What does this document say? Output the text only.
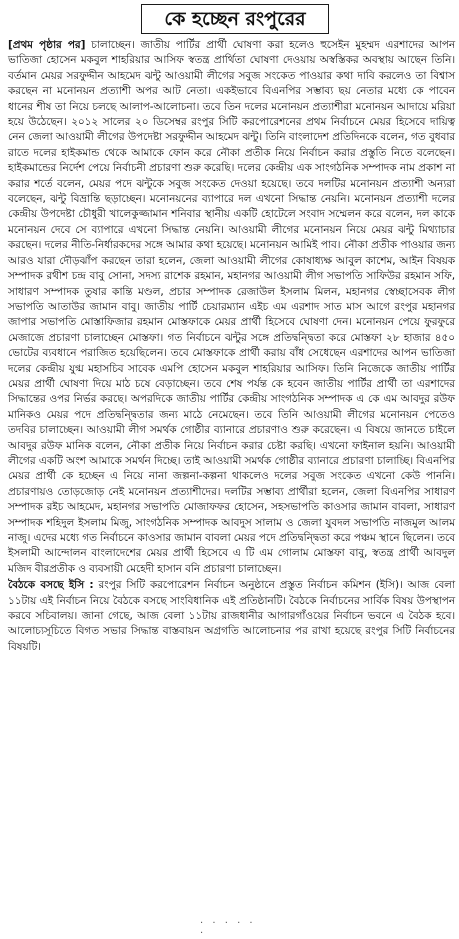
কে হচ্ছেন রংপুরের

[প্রথম পৃষ্ঠার পর] চালাচ্ছেন। জাতীয় পার্টির প্রার্থী ঘোষণা করা হলেও হুসেইন মুহম্মদ এরশাদের আপন ভাতিজা হোসেন মকবুল শাহরিয়ার আসিফ স্বতন্ত্র প্রার্থিতা ঘোষণা দেওয়ায় অস্বস্তিকর অবস্থায় আছেন তিনি। বর্তমান মেয়র সরফুদ্দীন আহমেদ ঝন্টু আওয়ামী লীগের সবুজ সংকেত পাওয়ার কথা দাবি করলেও তা বিশ্বাস করছেন না মনোনয়ন প্রত্যাশী অপর আট নেতা। একইভাবে বিএনপির সম্ভাব্য ছয় নেতার মধ্যে কে পাবেন ধানের শীষ তা নিয়ে চলছে আলাপ-আলোচনা। তবে তিন দলের মনোনয়ন প্রত্যাশীরা মনোনয়ন আদায়ে মরিয়া হয়ে উঠেছেন। ২০১২ সালের ২০ ডিসেম্বর রংপুর সিটি করপোরেশনের প্রথম নির্বাচনে মেয়র হিসেবে দায়িত্ব নেন জেলা আওয়ামী লীগের উপদেষ্টা সরফুদ্দীন আহমেদ ঝন্টু। তিনি বাংলাদেশ প্রতিদিনকে বলেন, গত বুধবার রাতে দলের হাইকমান্ড থেকে আমাকে ফোন করে নৌকা প্রতীক নিয়ে নির্বাচন করার প্রস্তুতি নিতে বলেছেন। হাইকমান্ডের নির্দেশ পেয়ে নির্বাচনী প্রচারণা শুরু করেছি। দলের কেন্দ্রীয় এক সাংগঠনিক সম্পাদক নাম প্রকাশ না করার শর্তে বলেন, মেয়র পদে ঝন্টুকে সবুজ সংকেত দেওয়া হয়েছে। তবে দলটির মনোনয়ন প্রত্যাশী অন্যরা বলেছেন, ঝন্টু বিভ্রান্তি ছড়াচ্ছেন। মনোনয়নের ব্যাপারে দল এখনো সিদ্ধান্ত নেয়নি। মনোনয়ন প্রত্যাশী দলের কেন্দ্রীয় উপদেষ্টা চৌধুরী খালেকুজ্জামান শনিবার স্থানীয় একটি হোটেলে সংবাদ সম্মেলন করে বলেন, দল কাকে মনোনয়ন দেবে সে ব্যাপারে এখনো সিদ্ধান্ত নেয়নি। আওয়ামী লীগের মনোনয়ন নিয়ে মেয়র ঝন্টু মিথ্যাচার করছেন। দলের নীতি-নির্ধারকদের সঙ্গে আমার কথা হয়েছে। মনোনয়ন আমিই পাব। নৌকা প্রতীক পাওয়ার জন্য আরও যারা দৌড়ঝাঁপ করছেন তারা হলেন, জেলা আওয়ামী লীগের কোষাধ্যক্ষ আবুল কাশেম, আইন বিষয়ক সম্পাদক রথীশ চন্দ্র বাবু সোনা, সদস্য রাশেক রহমান, মহানগর আওয়ামী লীগ সভাপতি সাফিউর রহমান সফি, সাধারণ সম্পাদক তুষার কান্তি মণ্ডল, প্রচার সম্পাদক রেজাউল ইসলাম মিলন, মহানগর স্বেচ্ছাসেবক লীগ সভাপতি আতাউর জামান বাবু। জাতীয় পার্টি চেয়ারম্যান এইচ এম এরশাদ সাত মাস আগে রংপুর মহানগর জাপার সভাপতি মোস্তাফিজার রহমান মোস্তফাকে মেয়র প্রার্থী হিসেবে ঘোষণা দেন। মনোনয়ন পেয়ে ফুরফুরে মেজাজে প্রচারণা চালাচ্ছেন মোস্তফা। গত নির্বাচনে ঝন্টুর সঙ্গে প্রতিদ্বন্দ্বিতা করে মোস্তফা ২৮ হাজার ৪৫০ ভোটের ব্যবধানে পরাজিত হয়েছিলেন। তবে মোস্তফাকে প্রার্থী করায় বাঁধ সেধেছেন এরশাদের আপন ভাতিজা দলের কেন্দ্রীয় যুগ্ম মহাসচিব সাবেক এমপি হোসেন মকবুল শাহরিয়ার আসিফ। তিনি নিজেকে জাতীয় পার্টির মেয়র প্রার্থী ঘোষণা দিয়ে মাঠ চষে বেড়াচ্ছেন। তবে শেষ পর্যন্ত কে হবেন জাতীয় পার্টির প্রার্থী তা এরশাদের সিদ্ধান্তের ওপর নির্ভর করছে। অপরদিকে জাতীয় পার্টির কেন্দ্রীয় সাংগঠনিক সম্পাদক এ কে এম আবদুর রউফ মানিকও মেয়র পদে প্রতিদ্বন্দ্বিতার জন্য মাঠে নেমেছেন। তবে তিনি আওয়ামী লীগের মনোনয়ন পেতেও তদবির চালাচ্ছেন। আওয়ামী লীগ সমর্থক গোষ্ঠীর ব্যানারে প্রচারণাও শুরু করেছেন। এ বিষয়ে জানতে চাইলে আবদুর রউফ মানিক বলেন, নৌকা প্রতীক নিয়ে নির্বাচন করার চেষ্টা করছি। এখনো ফাইনাল হয়নি। আওয়ামী লীগের একটি অংশ আমাকে সমর্থন দিচ্ছে। তাই আওয়ামী সমর্থক গোষ্ঠীর ব্যানারে প্রচারণা চালাচ্ছি। বিএনপির মেয়র প্রার্থী কে হচ্ছেন এ নিয়ে নানা জল্পনা-কল্পনা থাকলেও দলের সবুজ সংকেত এখনো কেউ পাননি। প্রচারণায়ও তোড়জোড় নেই মনোনয়ন প্রত্যাশীদের। দলটির সম্ভাব্য প্রার্থীরা হলেন, জেলা বিএনপির সাধারণ সম্পাদক রইচ আহমেদ, মহানগর সভাপতি মোজাফফর হোসেন, সহসভাপতি কাওসার জামান বাবলা, সাধারণ সম্পাদক শহিদুল ইসলাম মিজু, সাংগঠনিক সম্পাদক আবদুস সালাম ও জেলা যুবদল সভাপতি নাজমুল আলম নাজু। এদের মধ্যে গত নির্বাচনে কাওসার জামান বাবলা মেয়র পদে প্রতিদ্বন্দ্বিতা করে পঞ্চম স্থানে ছিলেন। তবে ইসলামী আন্দোলন বাংলাদেশের মেয়র প্রার্থী হিসেবে এ টি এম গোলাম মোস্তফা বাবু, স্বতন্ত্র প্রার্থী আবদুল মজিদ বীরপ্রতীক ও ব্যবসায়ী মেহেদী হাসান বনি প্রচারণা চালাচ্ছেন।

বৈঠকে বসছে ইসি : রংপুর সিটি করপোরেশন নির্বাচন অনুষ্ঠানে প্রস্তুত নির্বাচন কমিশন (ইসি)। আজ বেলা ১১টায় এই নির্বাচন নিয়ে বৈঠকে বসছে সাংবিধানিক এই প্রতিষ্ঠানটি। বৈঠকে নির্বাচনের সার্বিক বিষয় উপস্থাপন করবে সচিবালয়। জানা গেছে, আজ বেলা ১১টায় রাজধানীর আগারগাঁওয়ের নির্বাচন ভবনে এ বৈঠক হবে। আলোচ্যসূচিতে বিগত সভার সিদ্ধান্ত বাস্তবায়ন অগ্রগতি আলোচনার পর রাখা হয়েছে রংপুর সিটি নির্বাচনের বিষয়টি।

· · · · · ·
